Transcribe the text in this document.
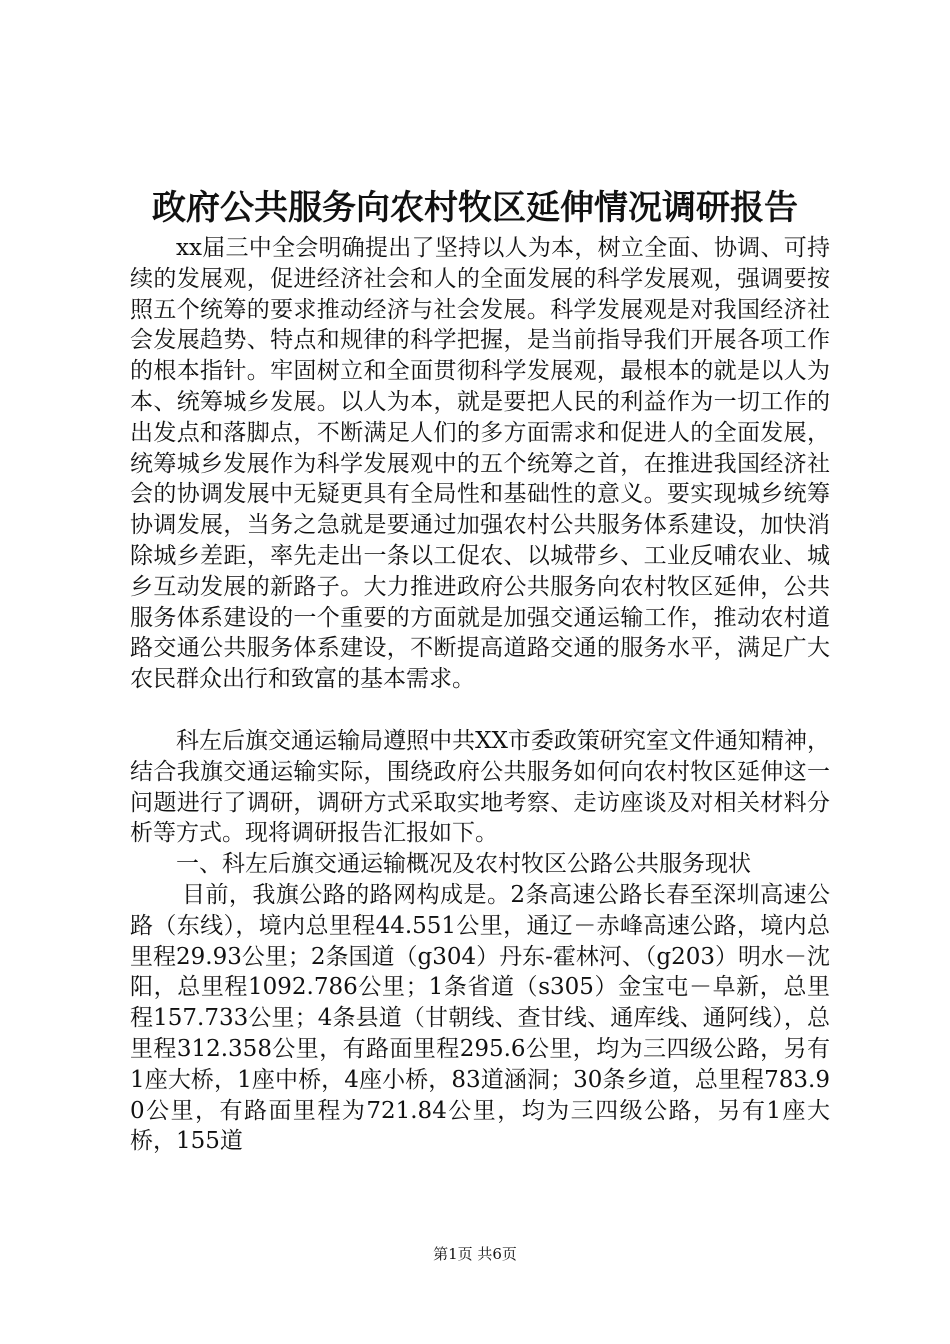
政府公共服务向农村牧区延伸情况调研报告

xx届三中全会明确提出了坚持以人为本，树立全面、协调、可持续的发展观，促进经济社会和人的全面发展的科学发展观，强调要按照五个统筹的要求推动经济与社会发展。科学发展观是对我国经济社会发展趋势、特点和规律的科学把握，是当前指导我们开展各项工作的根本指针。牢固树立和全面贯彻科学发展观，最根本的就是以人为本、统筹城乡发展。以人为本，就是要把人民的利益作为一切工作的出发点和落脚点，不断满足人们的多方面需求和促进人的全面发展，统筹城乡发展作为科学发展观中的五个统筹之首，在推进我国经济社会的协调发展中无疑更具有全局性和基础性的意义。要实现城乡统筹协调发展，当务之急就是要通过加强农村公共服务体系建设，加快消除城乡差距，率先走出一条以工促农、以城带乡、工业反哺农业、城乡互动发展的新路子。大力推进政府公共服务向农村牧区延伸，公共服务体系建设的一个重要的方面就是加强交通运输工作，推动农村道路交通公共服务体系建设，不断提高道路交通的服务水平，满足广大农民群众出行和致富的基本需求。

科左后旗交通运输局遵照中共XX市委政策研究室文件通知精神，结合我旗交通运输实际，围绕政府公共服务如何向农村牧区延伸这一问题进行了调研，调研方式采取实地考察、走访座谈及对相关材料分析等方式。现将调研报告汇报如下。

一、科左后旗交通运输概况及农村牧区公路公共服务现状

目前，我旗公路的路网构成是。2条高速公路长春至深圳高速公路（东线），境内总里程44.551公里，通辽－赤峰高速公路，境内总里程29.93公里；2条国道（g304）丹东-霍林河、（g203）明水－沈阳，总里程1092.786公里；1条省道（s305）金宝屯－阜新，总里程157.733公里；4条县道（甘朝线、查甘线、通库线、通阿线），总里程312.358公里，有路面里程295.6公里，均为三四级公路，另有1座大桥，1座中桥，4座小桥，83道涵洞；30条乡道，总里程783.90公里，有路面里程为721.84公里，均为三四级公路，另有1座大桥，155道

第1页 共6页
